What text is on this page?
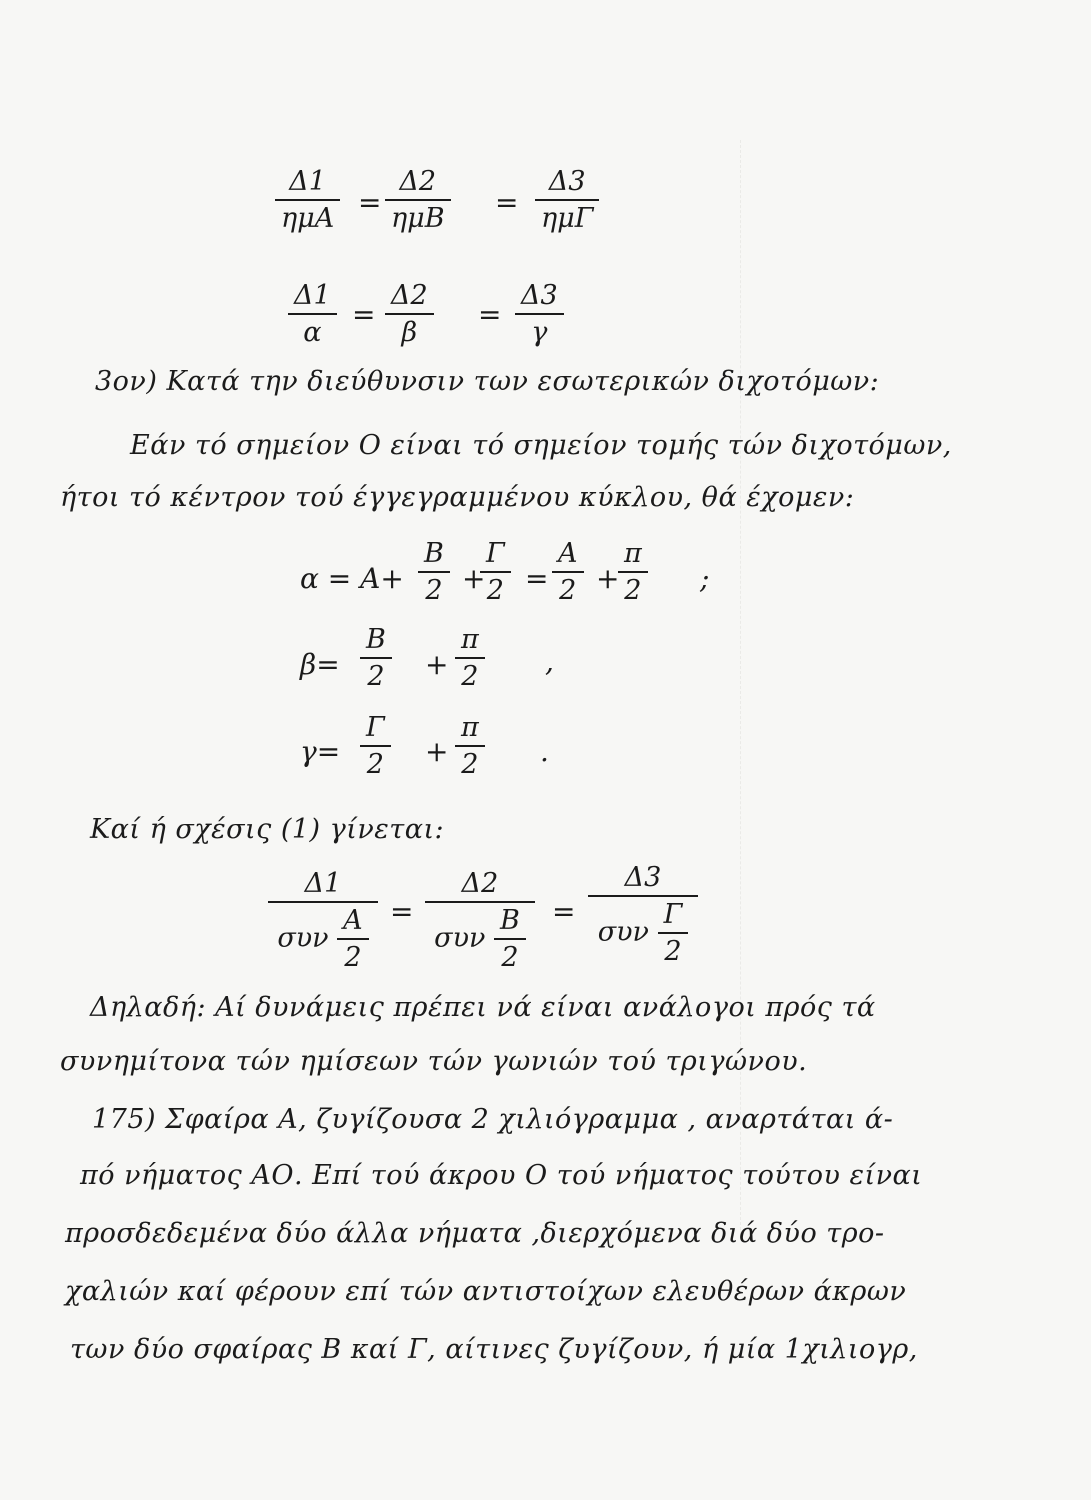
Δ1
ημA =
Δ2
ημB =
Δ3
ημΓ
Δ1
α
=
Δ2
β
=
Δ3
γ
3ον) Κατά την διεύθυνσιν των εσωτερικών διχοτόμων:
Εάν τό σημείον Ο είναι τό σημείον τομής τών διχοτόμων,
ήτοι τό κέντρον τού έγγεγραμμένου κύκλου, θά έχομεν:
α = A+
B
2 +
Γ
2 =
A
2 +
π
2 ;
β=
B
2 +
π
2 ,
γ=
Γ
2 +
π
2 .
Καί ή σχέσις (1) γίνεται:
Δ1
συν $\frac{A}{2}$ =
Δ2
συν $\frac{B}{2}$ =
Δ3
συν $\frac{\Gamma}{2}$
Δηλαδή: Αί δυνάμεις πρέπει νά είναι ανάλογοι πρός τά
συνημίτονα τών ημίσεων τών γωνιών τού τριγώνου.
175) Σφαίρα Α, ζυγίζουσα 2 χιλιόγραμμα , αναρτάται ά-
πό νήματος ΑΟ. Επί τού άκρου Ο τού νήματος τούτου είναι
προσδεδεμένα δύο άλλα νήματα ,διερχόμενα διά δύο τρο-
χαλιών καί φέρουν επί τών αντιστοίχων ελευθέρων άκρων
των δύο σφαίρας Β καί Γ, αίτινες ζυγίζουν, ή μία 1χιλιογρ,
